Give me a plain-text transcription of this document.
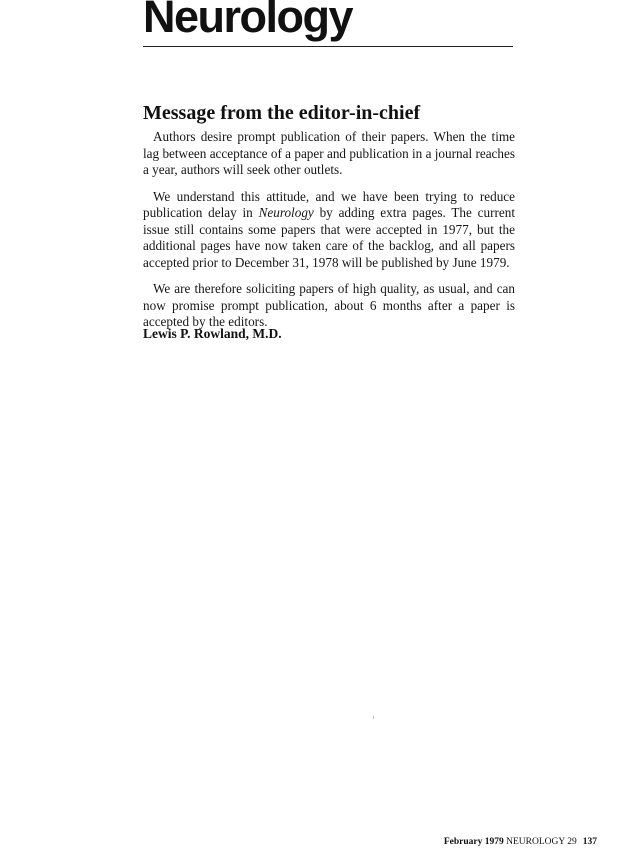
Neurology
Message from the editor-in-chief

Authors desire prompt publication of their papers. When the time lag between acceptance of a paper and publication in a journal reaches a year, authors will seek other outlets.

We understand this attitude, and we have been trying to reduce publication delay in Neurology by adding extra pages. The current issue still contains some papers that were accepted in 1977, but the additional pages have now taken care of the backlog, and all papers accepted prior to December 31, 1978 will be published by June 1979.

We are therefore soliciting papers of high quality, as usual, and can now promise prompt publication, about 6 months after a paper is accepted by the editors.

Lewis P. Rowland, M.D.

February 1979 NEUROLOGY 29 137
